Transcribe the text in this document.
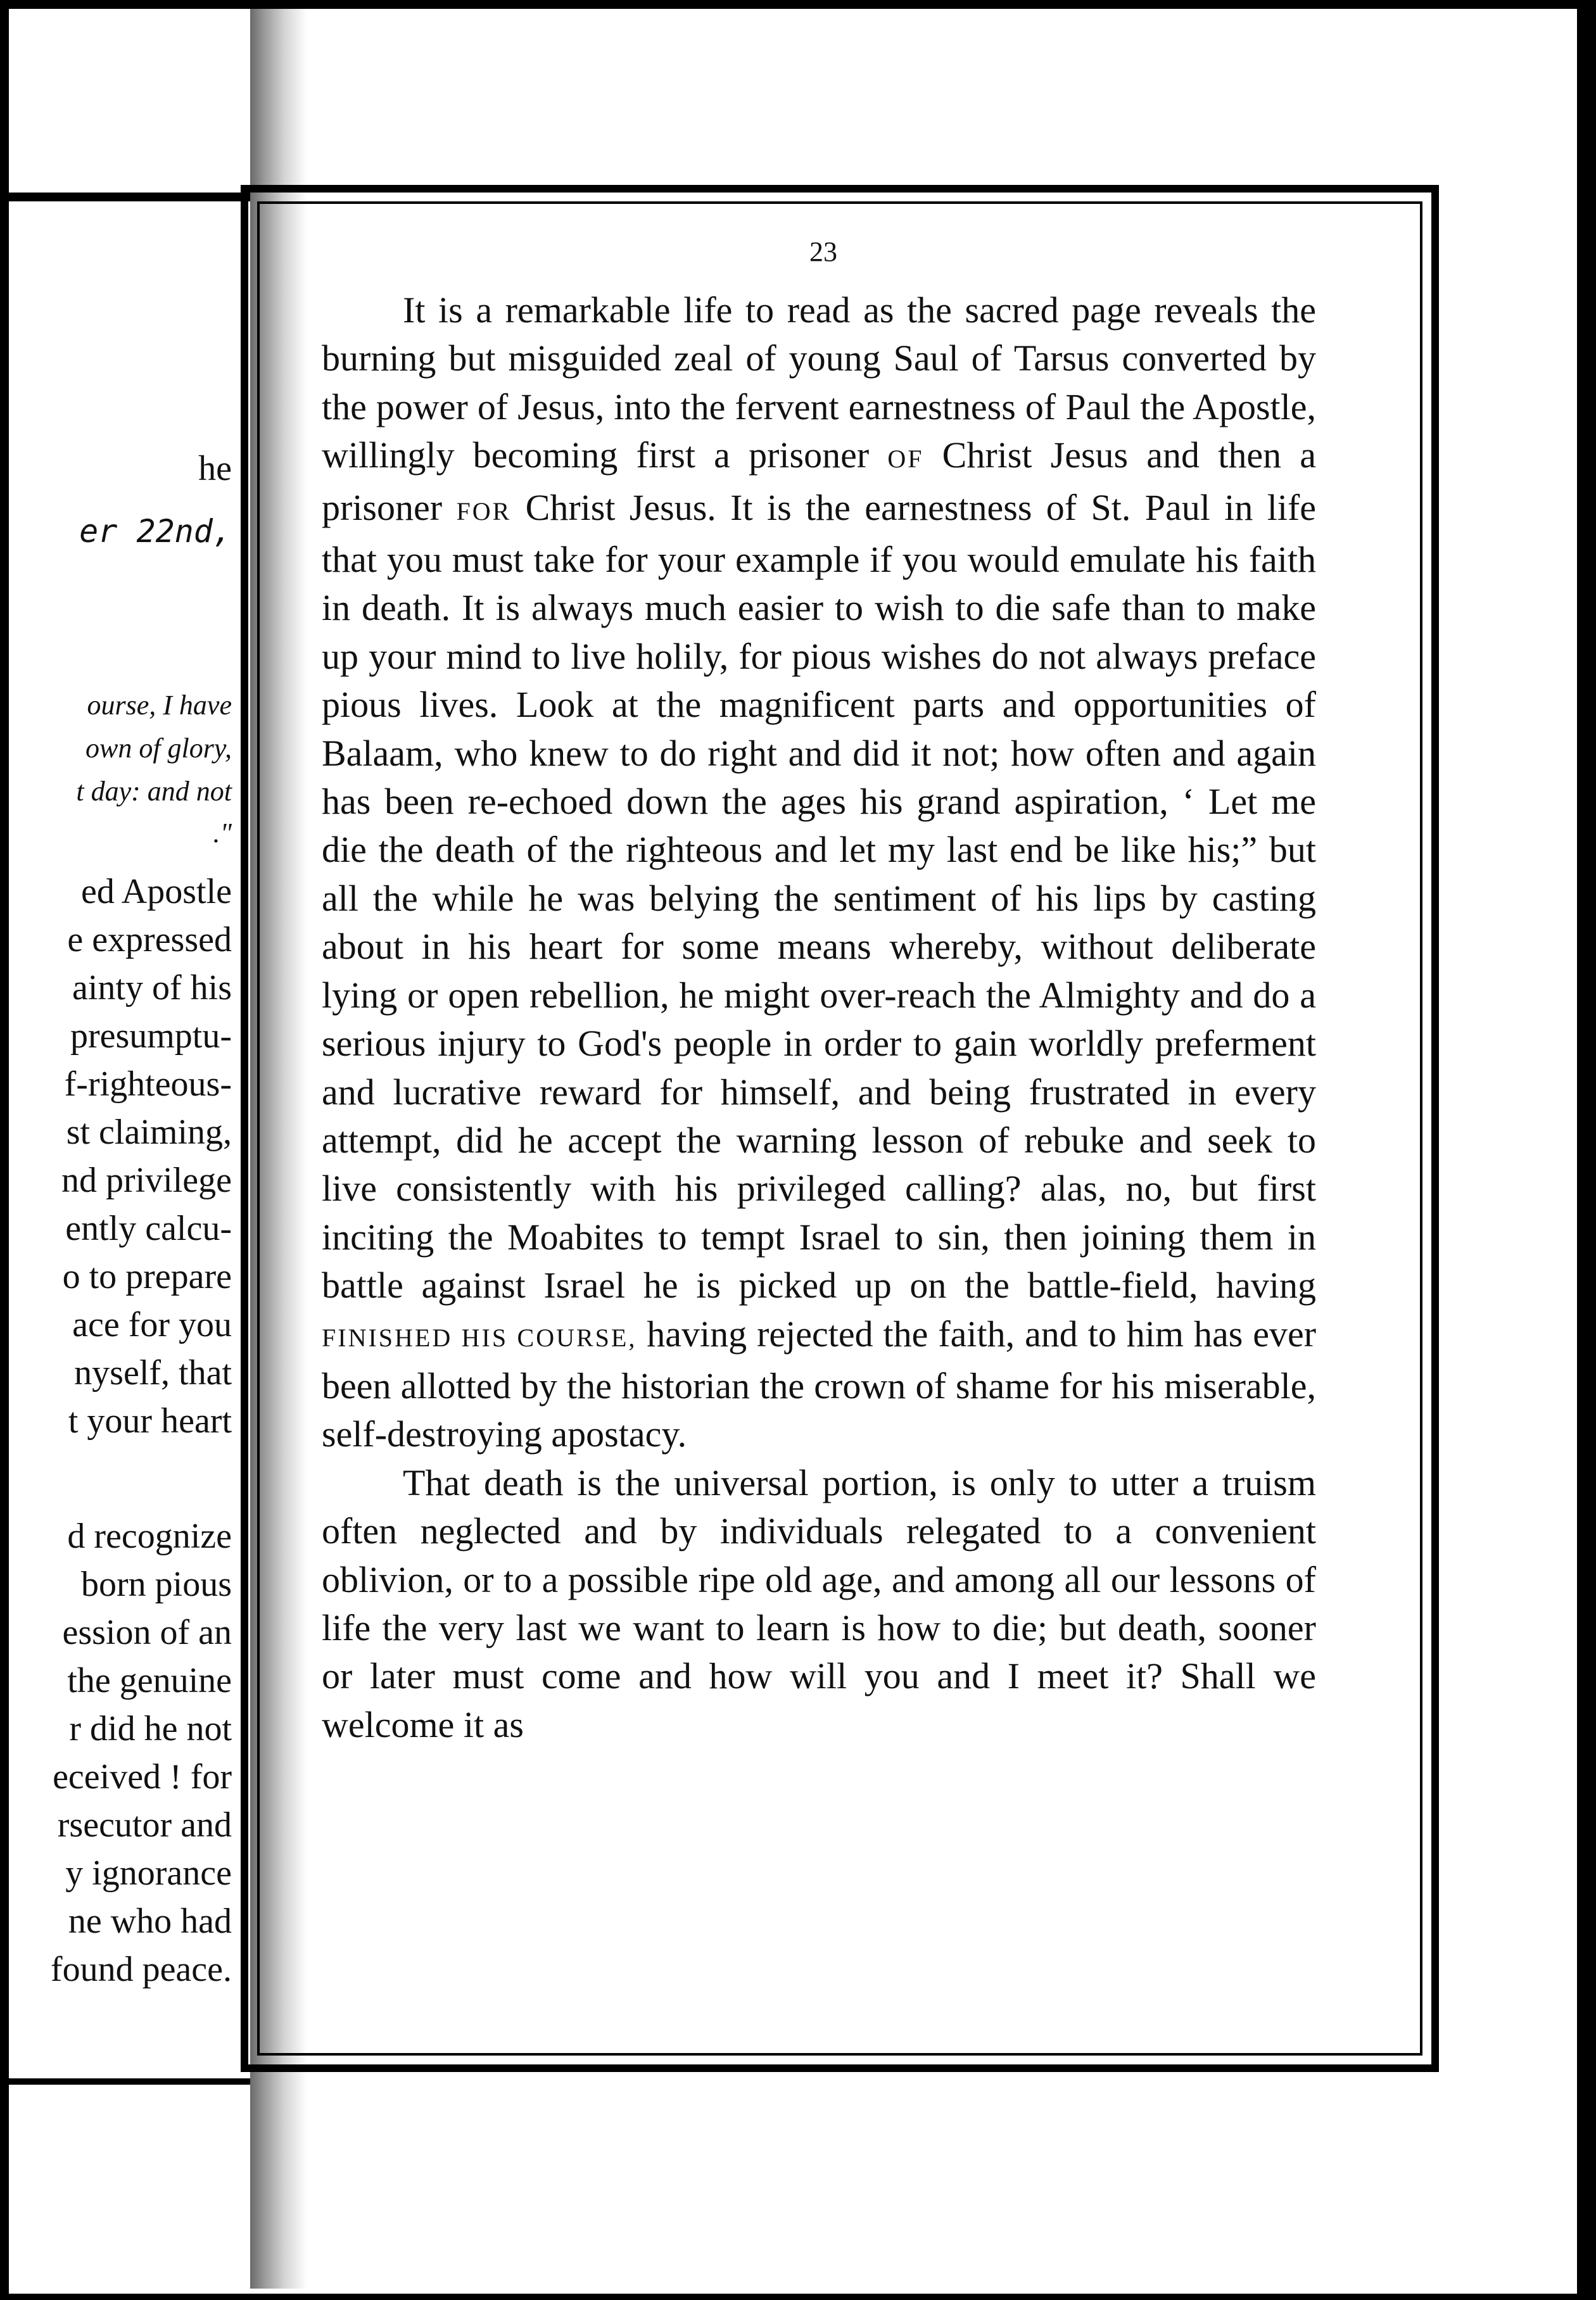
he
er 22nd,
ourse, I have
own of glory,
t day: and not
."
ed Apostle
e expressed
ainty of his
presumptu-
f-righteous-
st claiming,
nd privilege
ently calcu-
o to prepare
ace for you
nyself, that
t your heart
d recognize
born pious
ession of an
the genuine
r did he not
eceived ! for
rsecutor and
y ignorance
ne who had
found peace.
23

It is a remarkable life to read as the sacred page reveals the burning but misguided zeal of young Saul of Tarsus converted by the power of Jesus, into the fervent earnestness of Paul the Apostle, willingly becoming first a prisoner OF Christ Jesus and then a prisoner FOR Christ Jesus. It is the earnestness of St. Paul in life that you must take for your example if you would emulate his faith in death. It is always much easier to wish to die safe than to make up your mind to live holily, for pious wishes do not always preface pious lives. Look at the magnificent parts and opportunities of Balaam, who knew to do right and did it not; how often and again has been re-echoed down the ages his grand aspiration, ‘ Let me die the death of the righteous and let my last end be like his;” but all the while he was belying the sentiment of his lips by casting about in his heart for some means whereby, without deliberate lying or open rebellion, he might over-reach the Almighty and do a serious injury to God's people in order to gain worldly preferment and lucrative reward for himself, and being frustrated in every attempt, did he accept the warning lesson of rebuke and seek to live consistently with his privileged calling? alas, no, but first inciting the Moabites to tempt Israel to sin, then joining them in battle against Israel he is picked up on the battle-field, having FINISHED HIS COURSE, having rejected the faith, and to him has ever been allotted by the historian the crown of shame for his miserable, self-destroying apostacy.

That death is the universal portion, is only to utter a truism often neglected and by individuals relegated to a convenient oblivion, or to a possible ripe old age, and among all our lessons of life the very last we want to learn is how to die; but death, sooner or later must come and how will you and I meet it? Shall we welcome it as
